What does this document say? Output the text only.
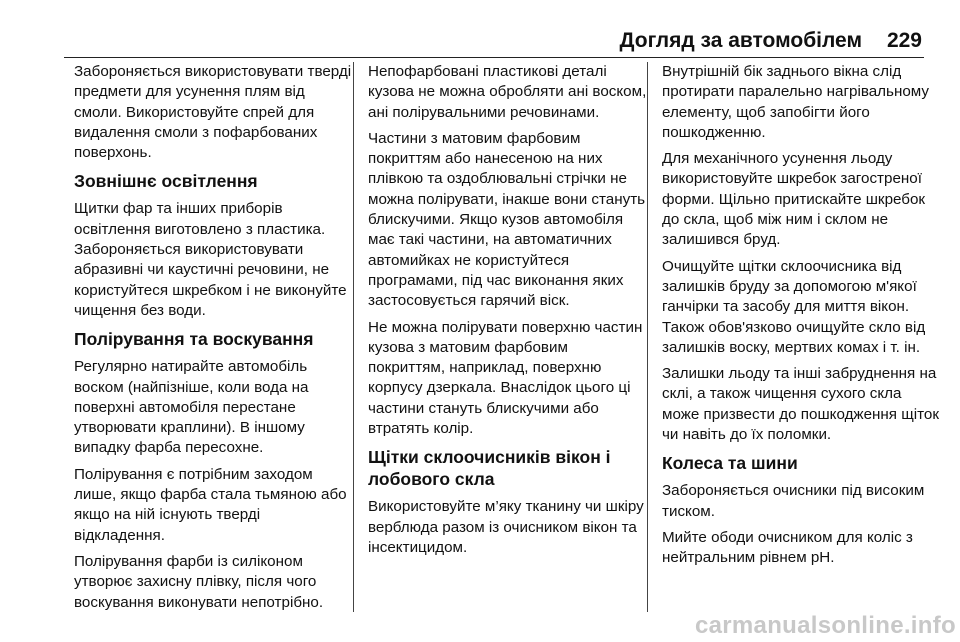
Догляд за автомобілем 229

Забороняється використовувати тверді предмети для усунення плям від смоли. Використовуйте спрей для видалення смоли з пофарбованих поверхонь.

Зовнішнє освітлення

Щитки фар та інших приборів освітлення виготовлено з пластика. Забороняється використовувати абразивні чи каустичні речовини, не користуйтеся шкребком і не виконуйте чищення без води.

Полірування та воскування

Регулярно натирайте автомобіль воском (найпізніше, коли вода на поверхні автомобіля перестане утворювати краплини). В іншому випадку фарба пересохне.

Полірування є потрібним заходом лише, якщо фарба стала тьмяною або якщо на ній існують тверді відкладення.

Полірування фарби із силіконом утворює захисну плівку, після чого воскування виконувати непотрібно.

Непофарбовані пластикові деталі кузова не можна обробляти ані воском, ані полірувальними речовинами.

Частини з матовим фарбовим покриттям або нанесеною на них плівкою та оздоблювальні стрічки не можна полірувати, інакше вони стануть блискучими. Якщо кузов автомобіля має такі частини, на автоматичних автомийках не користуйтеся програмами, під час виконання яких застосовується гарячий віск.

Не можна полірувати поверхню частин кузова з матовим фарбовим покриттям, наприклад, поверхню корпусу дзеркала. Внаслідок цього ці частини стануть блискучими або втратять колір.

Щітки склоочисників вікон і лобового скла

Використовуйте м’яку тканину чи шкіру верблюда разом із очисником вікон та інсектицидом.

Внутрішній бік заднього вікна слід протирати паралельно нагрівальному елементу, щоб запобігти його пошкодженню.

Для механічного усунення льоду використовуйте шкребок загостреної форми. Щільно притискайте шкребок до скла, щоб між ним і склом не залишився бруд.

Очищуйте щітки склоочисника від залишків бруду за допомогою м'якої ганчірки та засобу для миття вікон. Також обов'язково очищуйте скло від залишків воску, мертвих комах і т. ін.

Залишки льоду та інші забруднення на склі, а також чищення сухого скла може призвести до пошкодження щіток чи навіть до їх поломки.

Колеса та шини

Забороняється очисники під високим тиском.

Мийте ободи очисником для коліс з нейтральним рівнем pH.

carmanualsonline.info
